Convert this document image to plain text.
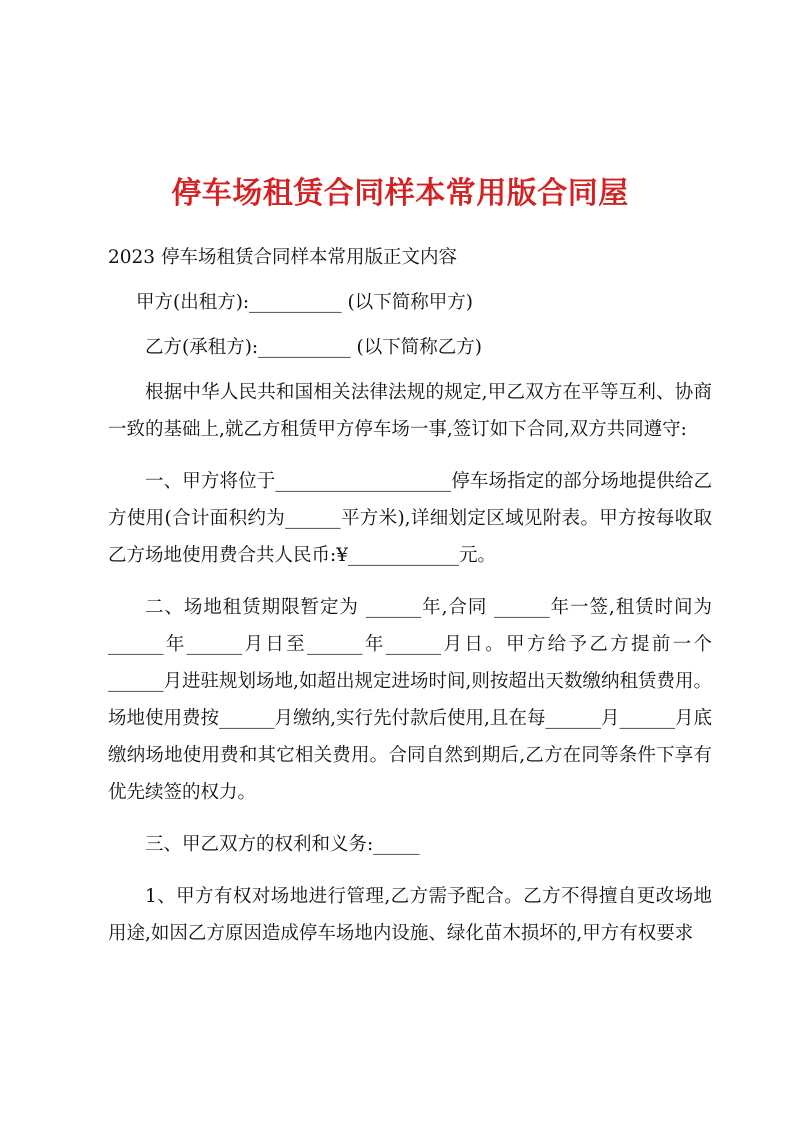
停车场租赁合同样本常用版合同屋

2023 停车场租赁合同样本常用版正文内容

甲方(出租方):__________ (以下简称甲方)

乙方(承租方):__________ (以下简称乙方)

根据中华人民共和国相关法律法规的规定,甲乙双方在平等互利、协商一致的基础上,就乙方租赁甲方停车场一事,签订如下合同,双方共同遵守:

一、甲方将位于___________________停车场指定的部分场地提供给乙方使用(合计面积约为______平方米),详细划定区域见附表。甲方按每收取乙方场地使用费合共人民币:¥____________元。

二、场地租赁期限暂定为 ______年,合同 ______年一签,租赁时间为______年______月日至______年______月日。甲方给予乙方提前一个______月进驻规划场地,如超出规定进场时间,则按超出天数缴纳租赁费用。场地使用费按______月缴纳,实行先付款后使用,且在每______月______月底缴纳场地使用费和其它相关费用。合同自然到期后,乙方在同等条件下享有优先续签的权力。

三、甲乙双方的权利和义务:_____

1、甲方有权对场地进行管理,乙方需予配合。乙方不得擅自更改场地用途,如因乙方原因造成停车场地内设施、绿化苗木损坏的,甲方有权要求
